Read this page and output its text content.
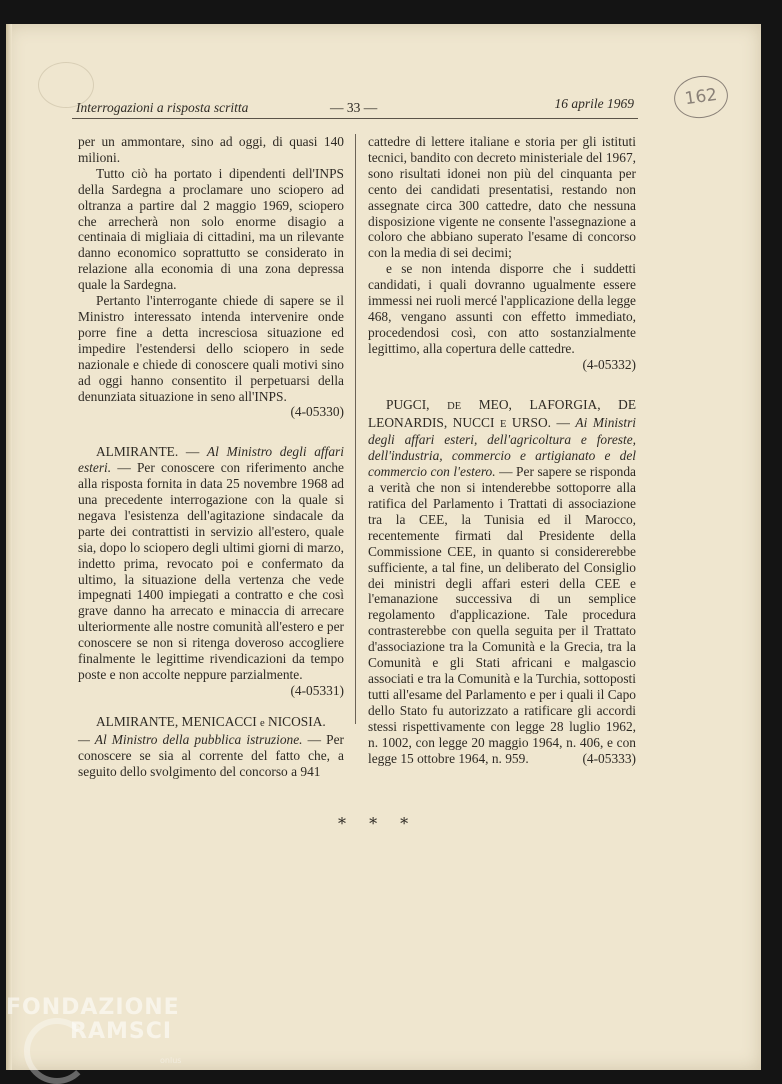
162
Interrogazioni a risposta scritta	— 33 —	16 aprile 1969

per un ammontare, sino ad oggi, di quasi 140 milioni.

Tutto ciò ha portato i dipendenti dell'INPS della Sardegna a proclamare uno sciopero ad oltranza a partire dal 2 maggio 1969, sciopero che arrecherà non solo enorme disagio a centinaia di migliaia di cittadini, ma un rilevante danno economico soprattutto se considerato in relazione alla economia di una zona depressa quale la Sardegna.

Pertanto l'interrogante chiede di sapere se il Ministro interessato intenda intervenire onde porre fine a detta incresciosa situazione ed impedire l'estendersi dello sciopero in sede nazionale e chiede di conoscere quali motivi sino ad oggi hanno consentito il perpetuarsi della denunziata situazione in seno all'INPS.

(4-05330)

ALMIRANTE. — Al Ministro degli affari esteri. — Per conoscere con riferimento anche alla risposta fornita in data 25 novembre 1968 ad una precedente interrogazione con la quale si negava l'esistenza dell'agitazione sindacale da parte dei contrattisti in servizio all'estero, quale sia, dopo lo sciopero degli ultimi giorni di marzo, indetto prima, revocato poi e confermato da ultimo, la situazione della vertenza che vede impegnati 1400 impiegati a contratto e che così grave danno ha arrecato e minaccia di arrecare ulteriormente alle nostre comunità all'estero e per conoscere se non si ritenga doveroso accogliere finalmente le legittime rivendicazioni da tempo poste e non accolte neppure parzialmente.

(4-05331)

ALMIRANTE, MENICACCI e NICOSIA.
— Al Ministro della pubblica istruzione. — Per conoscere se sia al corrente del fatto che, a seguito dello svolgimento del concorso a 941

cattedre di lettere italiane e storia per gli istituti tecnici, bandito con decreto ministeriale del 1967, sono risultati idonei non più del cinquanta per cento dei candidati presentatisi, restando non assegnate circa 300 cattedre, dato che nessuna disposizione vigente ne consente l'assegnazione a coloro che abbiano superato l'esame di concorso con la media di sei decimi;

e se non intenda disporre che i suddetti candidati, i quali dovranno ugualmente essere immessi nei ruoli mercé l'applicazione della legge 468, vengano assunti con effetto immediato, procedendosi così, con atto sostanzialmente legittimo, alla copertura delle cattedre.

(4-05332)

PUGCI, DE MEO, LAFORGIA, DE LEONARDIS, NUCCI E URSO. — Ai Ministri degli affari esteri, dell'agricoltura e foreste, dell'industria, commercio e artigianato e del commercio con l'estero. — Per sapere se risponda a verità che non si intenderebbe sottoporre alla ratifica del Parlamento i Trattati di associazione tra la CEE, la Tunisia ed il Marocco, recentemente firmati dal Presidente della Commissione CEE, in quanto si considererebbe sufficiente, a tal fine, un deliberato del Consiglio dei ministri degli affari esteri della CEE e l'emanazione successiva di un semplice regolamento d'applicazione. Tale procedura contrasterebbe con quella seguita per il Trattato d'associazione tra la Comunità e la Grecia, tra la Comunità e gli Stati africani e malgascio associati e tra la Comunità e la Turchia, sottoposti tutti all'esame del Parlamento e per i quali il Capo dello Stato fu autorizzato a ratificare gli accordi stessi rispettivamente con legge 28 luglio 1962, n. 1002, con legge 20 maggio 1964, n. 406, e con legge 15 ottobre 1964, n. 959.	(4-05333)

* * *
FONDAZIONE
RAMSCI
onlus
